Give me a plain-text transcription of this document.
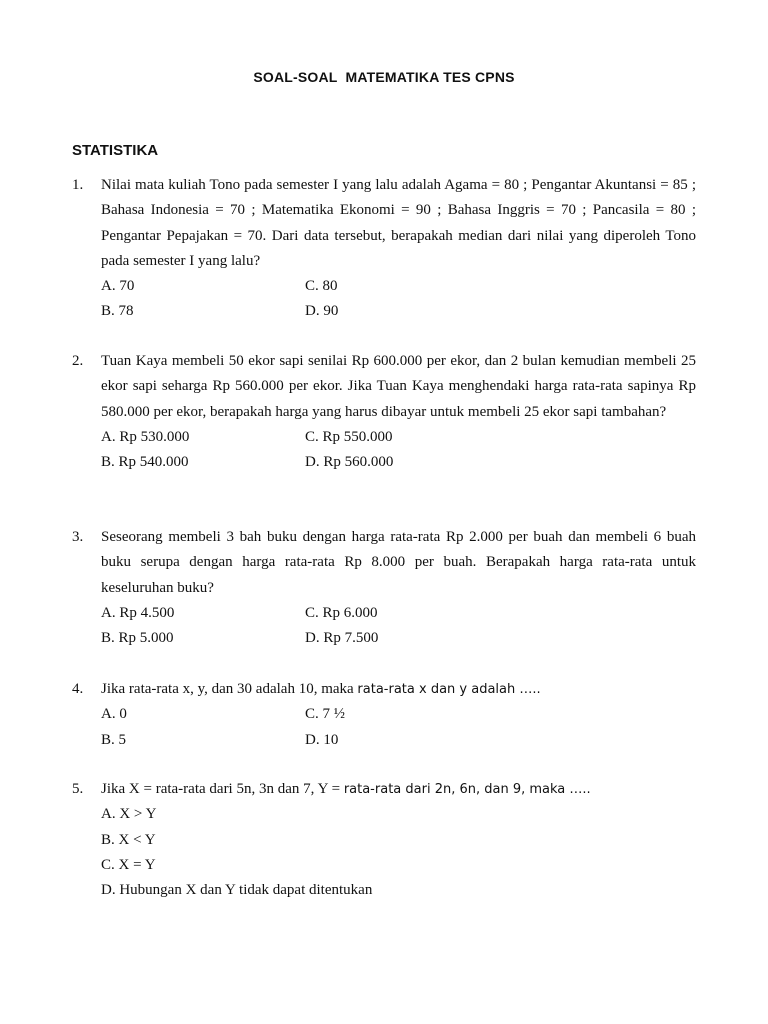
SOAL-SOAL  MATEMATIKA TES CPNS
STATISTIKA
1.	Nilai mata kuliah Tono pada semester I yang lalu adalah Agama = 80 ; Pengantar Akuntansi = 85 ; Bahasa Indonesia = 70 ; Matematika Ekonomi = 90 ; Bahasa Inggris = 70 ; Pancasila = 80 ; Pengantar Pepajakan = 70. Dari data tersebut, berapakah median dari nilai yang diperoleh Tono pada semester I yang lalu?
A. 70	C. 80
B. 78	D. 90
2.	Tuan Kaya membeli 50 ekor sapi senilai Rp 600.000 per ekor, dan 2 bulan kemudian membeli 25 ekor sapi seharga Rp 560.000 per ekor. Jika Tuan Kaya menghendaki harga rata-rata sapinya Rp 580.000 per ekor, berapakah harga yang harus dibayar untuk membeli 25 ekor sapi tambahan?
A. Rp 530.000	C. Rp 550.000
B. Rp 540.000	D. Rp 560.000
3.	Seseorang membeli 3 bah buku dengan harga rata-rata Rp 2.000 per buah dan membeli 6 buah buku serupa dengan harga rata-rata Rp 8.000 per buah. Berapakah harga rata-rata untuk keseluruhan buku?
A. Rp 4.500	C. Rp 6.000
B. Rp 5.000	D. Rp 7.500
4.	Jika rata-rata x, y, dan 30 adalah 10, maka rata-rata x dan y adalah …..
A. 0	C. 7 ½
B. 5	D. 10
5.	Jika X = rata-rata dari 5n, 3n dan 7, Y = rata-rata dari 2n, 6n, dan 9, maka …..
A. X > Y
B. X < Y
C. X = Y
D. Hubungan X dan Y tidak dapat ditentukan
